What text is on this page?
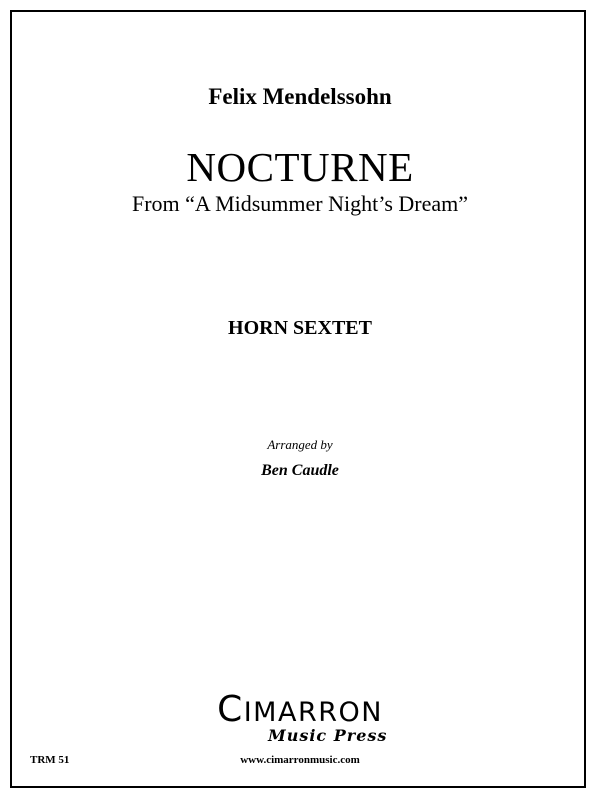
Felix Mendelssohn
NOCTURNE
From “A Midsummer Night’s Dream”
HORN SEXTET
Arranged by
Ben Caudle
CIMARRON
Music Press
TRM 51	www.cimarronmusic.com
